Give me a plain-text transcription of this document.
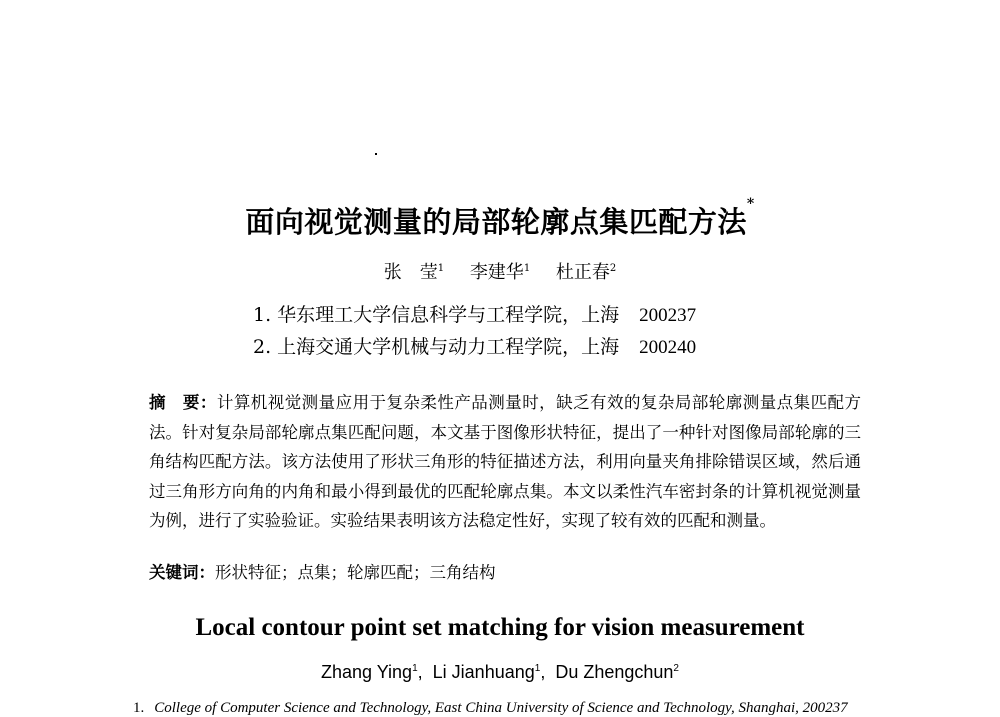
面向视觉测量的局部轮廓点集匹配方法*
张　莹$^1$ 李建华$^1$ 杜正春$^2$
1. 华东理工大学信息科学与工程学院，上海 200237
2. 上海交通大学机械与动力工程学院，上海 200240
摘　要：计算机视觉测量应用于复杂柔性产品测量时，缺乏有效的复杂局部轮廓测量点集匹配方法。针对复杂局部轮廓点集匹配问题，本文基于图像形状特征，提出了一种针对图像局部轮廓的三角结构匹配方法。该方法使用了形状三角形的特征描述方法，利用向量夹角排除错误区域，然后通过三角形方向角的内角和最小得到最优的匹配轮廓点集。本文以柔性汽车密封条的计算机视觉测量为例，进行了实验验证。实验结果表明该方法稳定性好，实现了较有效的匹配和测量。
关键词：形状特征；点集；轮廓匹配；三角结构
Local contour point set matching for vision measurement
Zhang Ying$^1$,  Li Jianhuang$^1$,  Du Zhengchun$^2$
1. College of Computer Science and Technology, East China University of Science and Technology, Shanghai, 200237
